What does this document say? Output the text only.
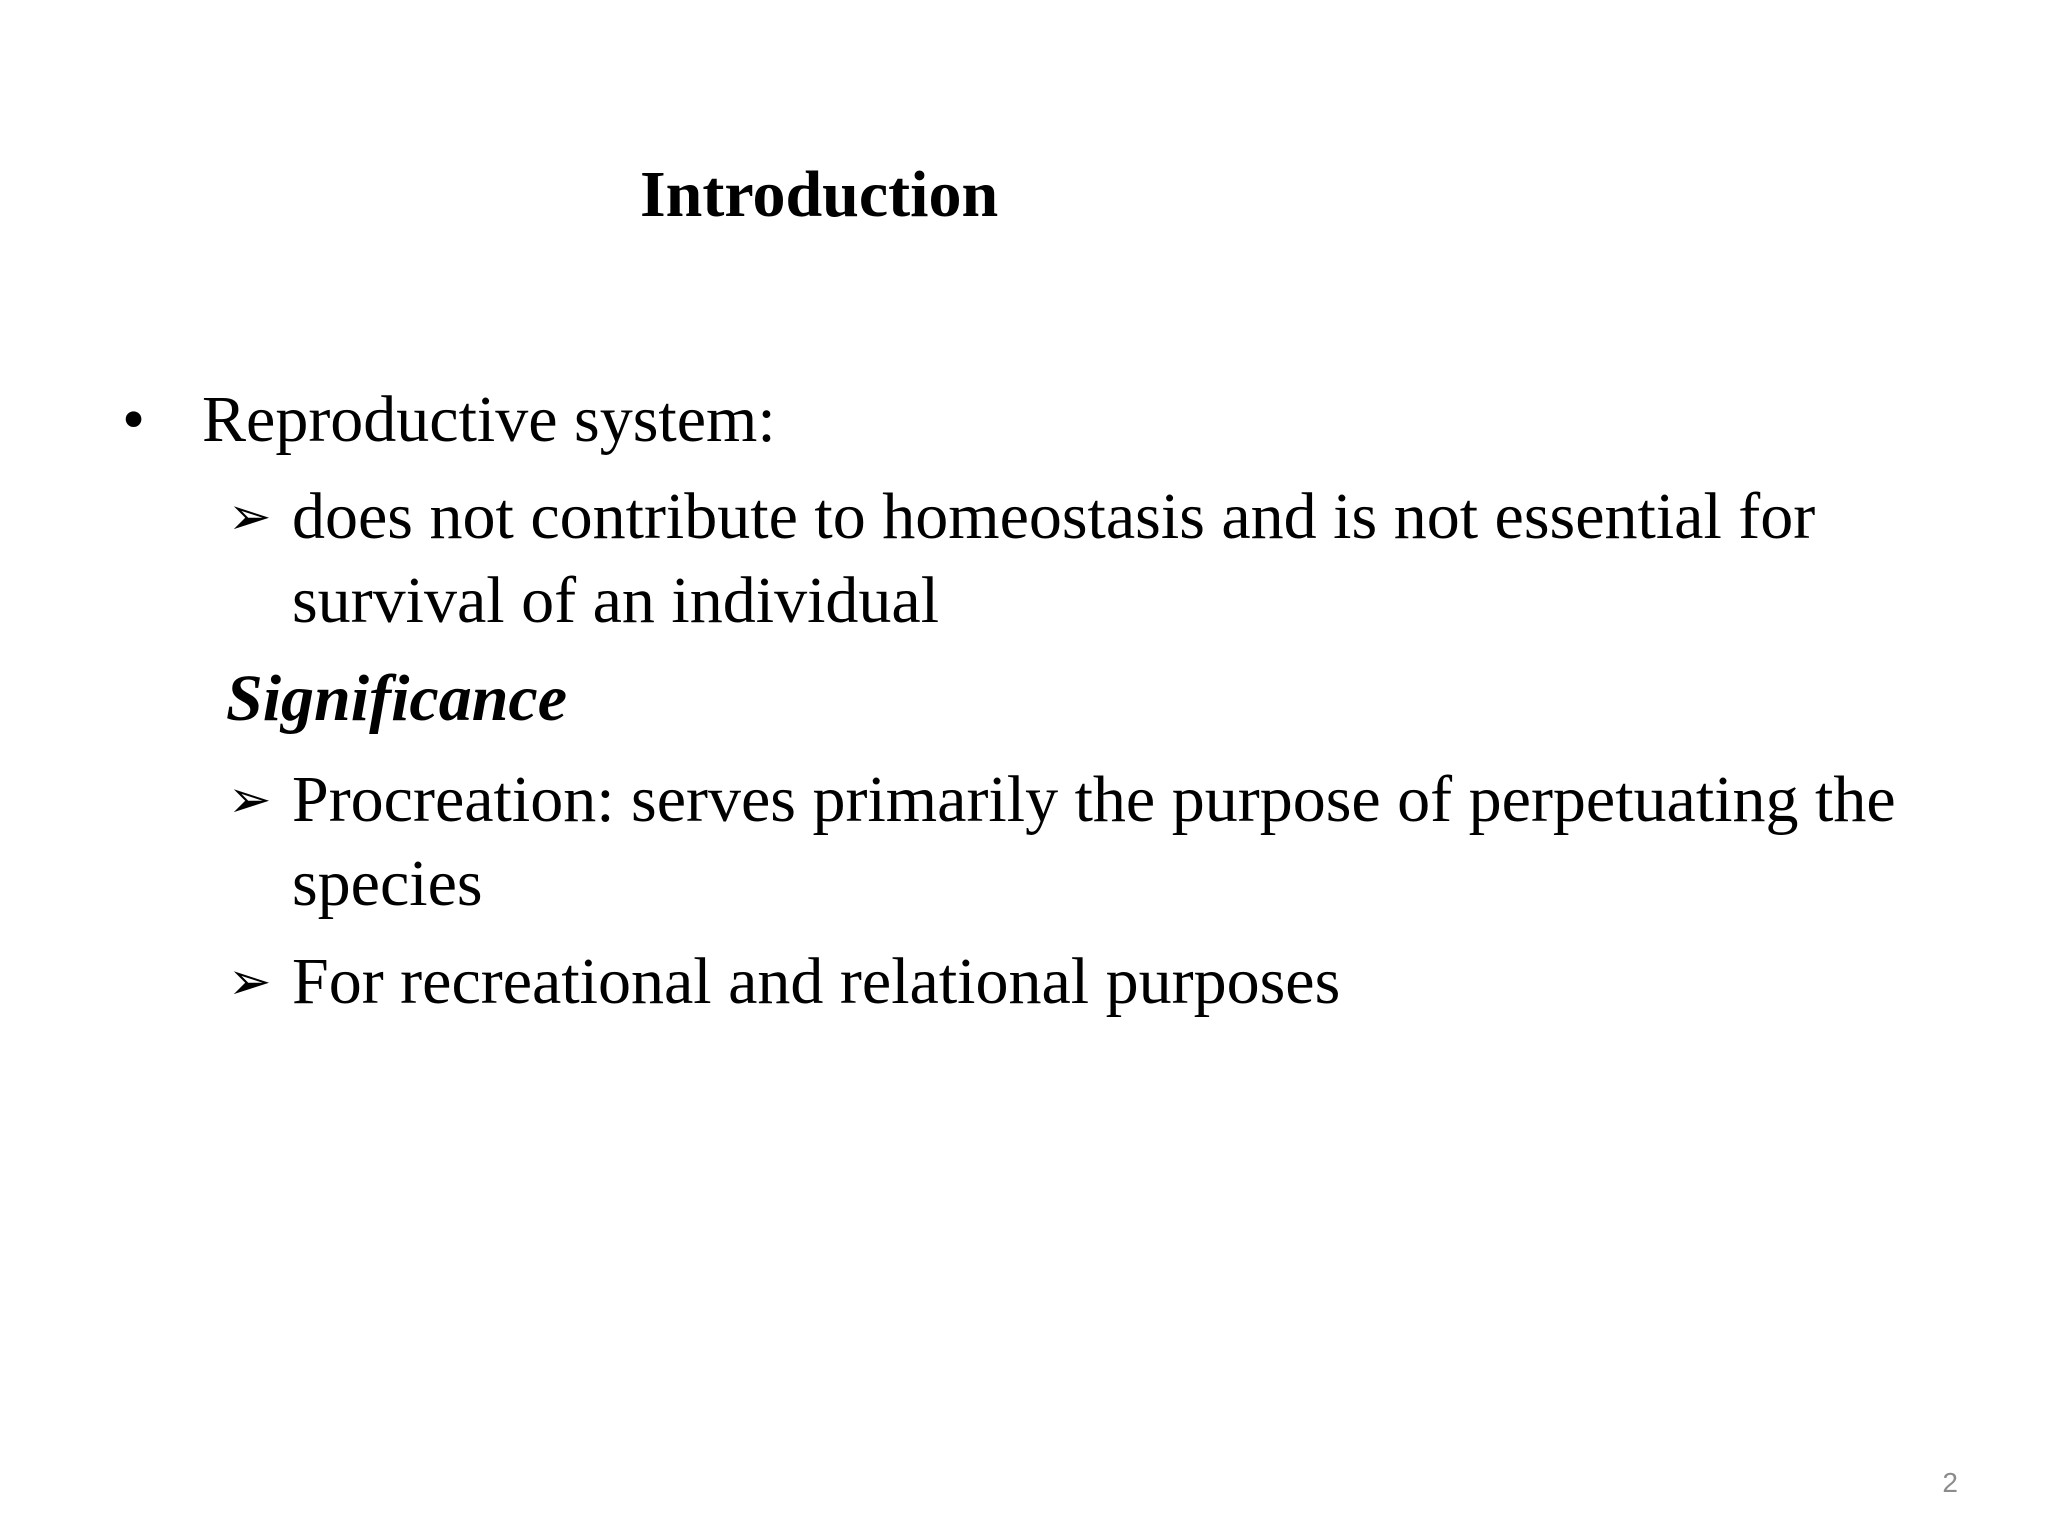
Introduction
• Reproductive system:
➢ does not contribute to homeostasis and is not essential for survival of an individual
Significance
➢ Procreation: serves primarily the purpose of perpetuating the species
➢ For recreational and relational purposes
2
